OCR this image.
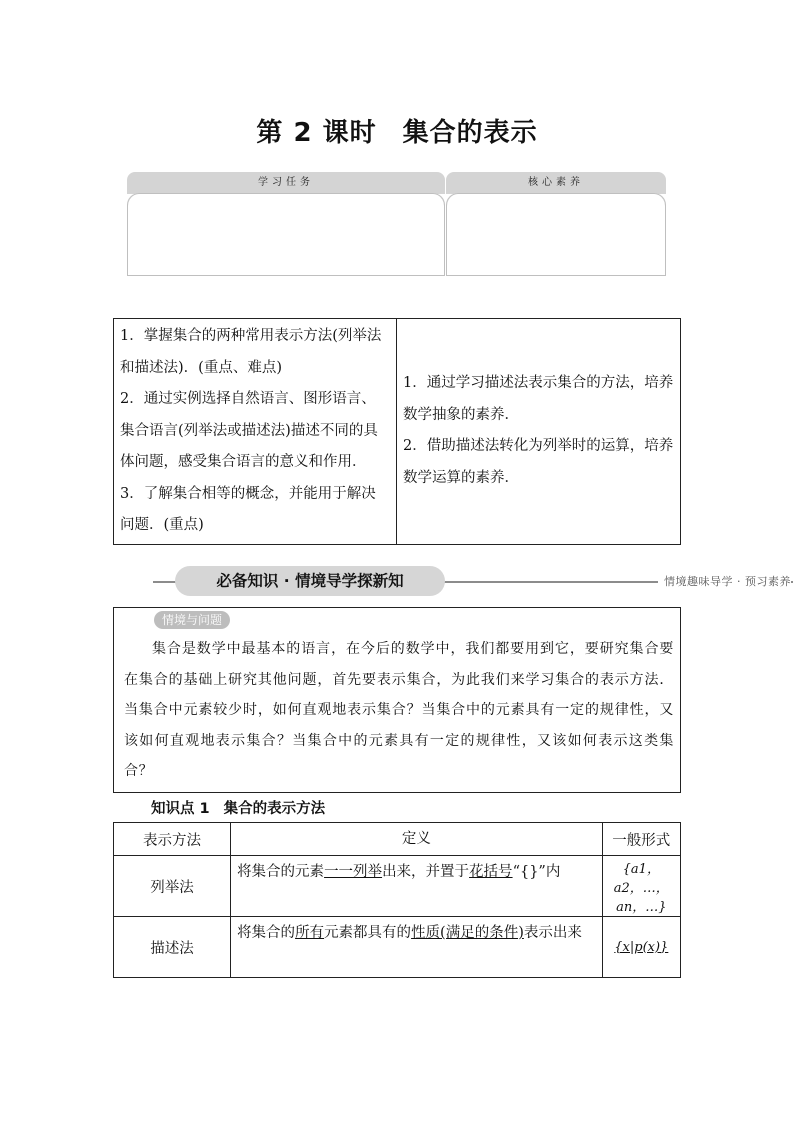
第 2 课时 集合的表示
学习任务	核心素养

1．掌握集合的两种常用表示方法(列举法和描述法)．(重点、难点)

2．通过实例选择自然语言、图形语言、集合语言(列举法或描述法)描述不同的具体问题，感受集合语言的意义和作用．

3．了解集合相等的概念，并能用于解决问题．(重点)

1．通过学习描述法表示集合的方法，培养数学抽象的素养．

2．借助描述法转化为列举时的运算，培养数学运算的素养．

必备知识 · 情境导学探新知	情境趣味导学 · 预习素养
情境与问题

集合是数学中最基本的语言，在今后的数学中，我们都要用到它，要研究集合要在集合的基础上研究其他问题，首先要表示集合，为此我们来学习集合的表示方法．当集合中元素较少时，如何直观地表示集合？当集合中的元素具有一定的规律性，又该如何直观地表示集合？当集合中的元素具有一定的规律性，又该如何表示这类集合？

知识点 1 集合的表示方法
表示方法	定义	一般形式
列举法	将集合的元素一一列举出来，并置于花括号“{}”内	{a1，a2，…，an，…}
描述法	将集合的所有元素都具有的性质(满足的条件)表示出来	{x|p(x)}
